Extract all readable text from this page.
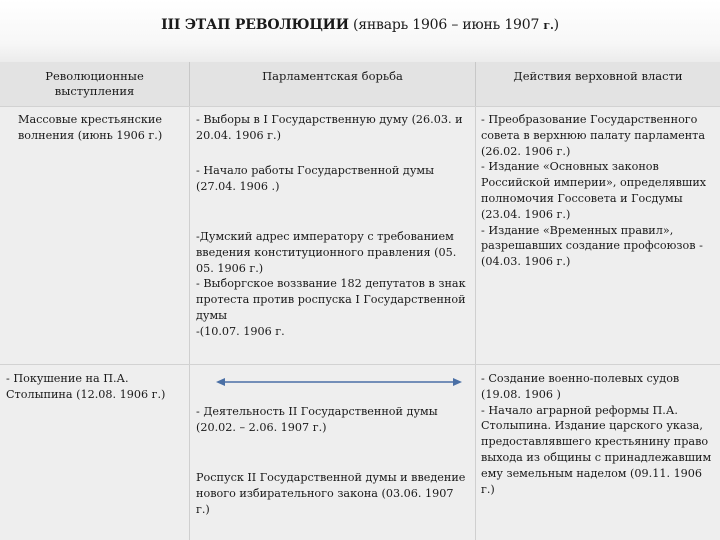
III ЭТАП РЕВОЛЮЦИИ (январь 1906 – июнь 1907 г.)
Революционные выступления
Парламентская борьба	Действия верховной власти
Массовые крестьянские волнения (июнь 1906 г.)
- Покушение на П.А. Столыпина (12.08. 1906 г.)
- Выборы в I Государственную думу (26.03. и 20.04. 1906 г.)
- Начало работы Государственной думы (27.04. 1906 .)
-Думский адрес императору с требованием введения конституционного правления (05. 05. 1906 г.)
- Выборгское воззвание 182 депутатов в знак протеста против роспуска I Государственной думы
-(10.07. 1906 г.
- Деятельность II Государственной думы (20.02. – 2.06. 1907 г.)
Роспуск II Государственной думы и введение нового избирательного закона (03.06. 1907 г.)
- Преобразование Государственного совета в верхнюю палату парламента (26.02. 1906 г.)
- Издание «Основных законов Российской империи», определявших полномочия Госсовета и Госдумы (23.04. 1906 г.)
- Издание «Временных правил», разрешавших создание профсоюзов -(04.03. 1906 г.)
- Создание военно-полевых судов (19.08. 1906 )
- Начало аграрной реформы П.А. Столыпина. Издание царского указа, предоставлявшего крестьянину право выхода из общины с принадлежавшим ему земельным наделом (09.11. 1906 г.)
